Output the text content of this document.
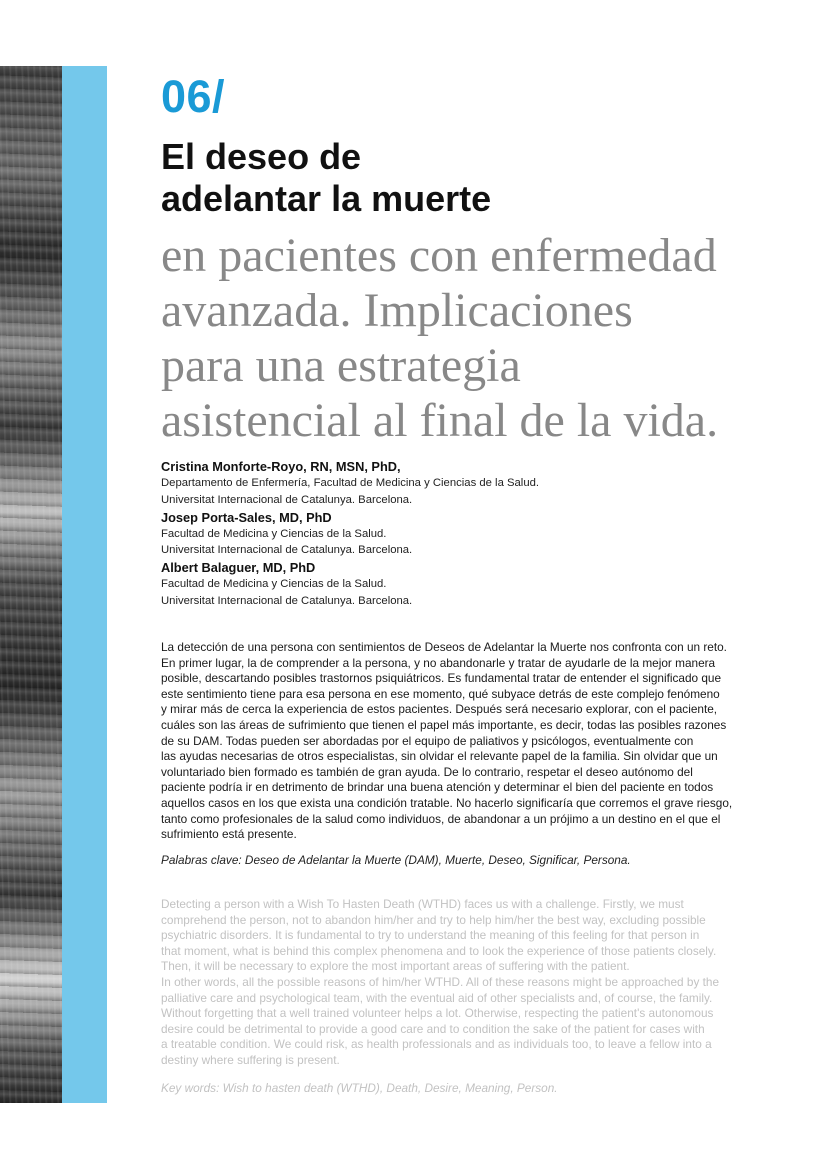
06/
El deseo de
adelantar la muerte
en pacientes con enfermedad
avanzada. Implicaciones
para una estrategia
asistencial al final de la vida.
Cristina Monforte-Royo, RN, MSN, PhD,
Departamento de Enfermería, Facultad de Medicina y Ciencias de la Salud.
Universitat Internacional de Catalunya. Barcelona.
Josep Porta-Sales, MD, PhD
Facultad de Medicina y Ciencias de la Salud.
Universitat Internacional de Catalunya. Barcelona.
Albert Balaguer, MD, PhD
Facultad de Medicina y Ciencias de la Salud.
Universitat Internacional de Catalunya. Barcelona.
La detección de una persona con sentimientos de Deseos de Adelantar la Muerte nos confronta con un reto.
En primer lugar, la de comprender a la persona, y no abandonarle y tratar de ayudarle de la mejor manera
posible, descartando posibles trastornos psiquiátricos. Es fundamental tratar de entender el significado que
este sentimiento tiene para esa persona en ese momento, qué subyace detrás de este complejo fenómeno
y mirar más de cerca la experiencia de estos pacientes. Después será necesario explorar, con el paciente,
cuáles son las áreas de sufrimiento que tienen el papel más importante, es decir, todas las posibles razones
de su DAM. Todas pueden ser abordadas por el equipo de paliativos y psicólogos, eventualmente con
las ayudas necesarias de otros especialistas, sin olvidar el relevante papel de la familia. Sin olvidar que un
voluntariado bien formado es también de gran ayuda. De lo contrario, respetar el deseo autónomo del
paciente podría ir en detrimento de brindar una buena atención y determinar el bien del paciente en todos
aquellos casos en los que exista una condición tratable. No hacerlo significaría que corremos el grave riesgo,
tanto como profesionales de la salud como individuos, de abandonar a un prójimo a un destino en el que el
sufrimiento está presente.
Palabras clave: Deseo de Adelantar la Muerte (DAM), Muerte, Deseo, Significar, Persona.
Detecting a person with a Wish To Hasten Death (WTHD) faces us with a challenge. Firstly, we must
comprehend the person, not to abandon him/her and try to help him/her the best way, excluding possible
psychiatric disorders. It is fundamental to try to understand the meaning of this feeling for that person in
that moment, what is behind this complex phenomena and to look the experience of those patients closely.
Then, it will be necessary to explore the most important areas of suffering with the patient.
In other words, all the possible reasons of him/her WTHD. All of these reasons might be approached by the
palliative care and psychological team, with the eventual aid of other specialists and, of course, the family.
Without forgetting that a well trained volunteer helps a lot. Otherwise, respecting the patient's autonomous
desire could be detrimental to provide a good care and to condition the sake of the patient for cases with
a treatable condition. We could risk, as health professionals and as individuals too, to leave a fellow into a
destiny where suffering is present.
Key words: Wish to hasten death (WTHD), Death, Desire, Meaning, Person.
